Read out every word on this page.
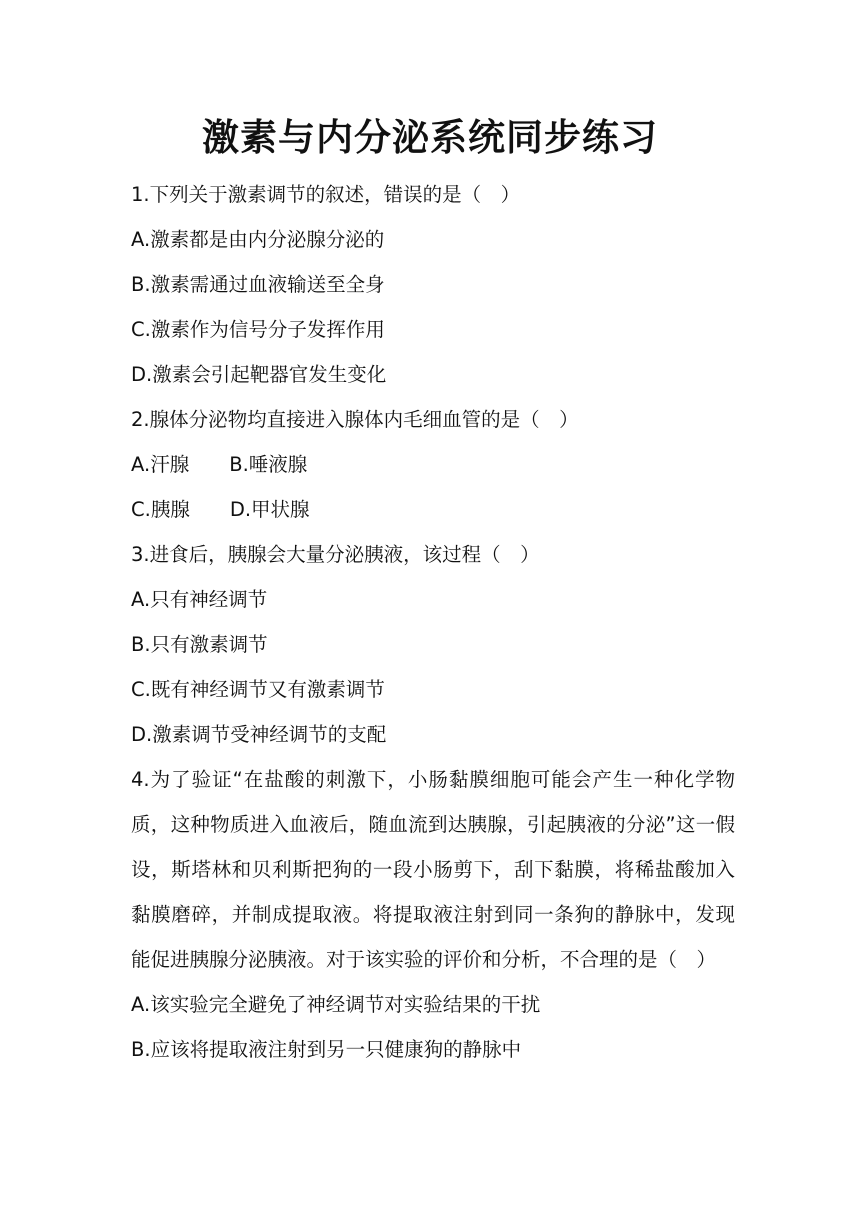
激素与内分泌系统同步练习
1.下列关于激素调节的叙述，错误的是（　）
A.激素都是由内分泌腺分泌的
B.激素需通过血液输送至全身
C.激素作为信号分子发挥作用
D.激素会引起靶器官发生变化
2.腺体分泌物均直接进入腺体内毛细血管的是（　）
A.汗腺 B.唾液腺
C.胰腺 D.甲状腺
3.进食后，胰腺会大量分泌胰液，该过程（　）
A.只有神经调节
B.只有激素调节
C.既有神经调节又有激素调节
D.激素调节受神经调节的支配
4.为了验证“在盐酸的刺激下，小肠黏膜细胞可能会产生一种化学物质，这种物质进入血液后，随血流到达胰腺，引起胰液的分泌”这一假设，斯塔林和贝利斯把狗的一段小肠剪下，刮下黏膜，将稀盐酸加入黏膜磨碎，并制成提取液。将提取液注射到同一条狗的静脉中，发现能促进胰腺分泌胰液。对于该实验的评价和分析，不合理的是（　）
A.该实验完全避免了神经调节对实验结果的干扰
B.应该将提取液注射到另一只健康狗的静脉中
